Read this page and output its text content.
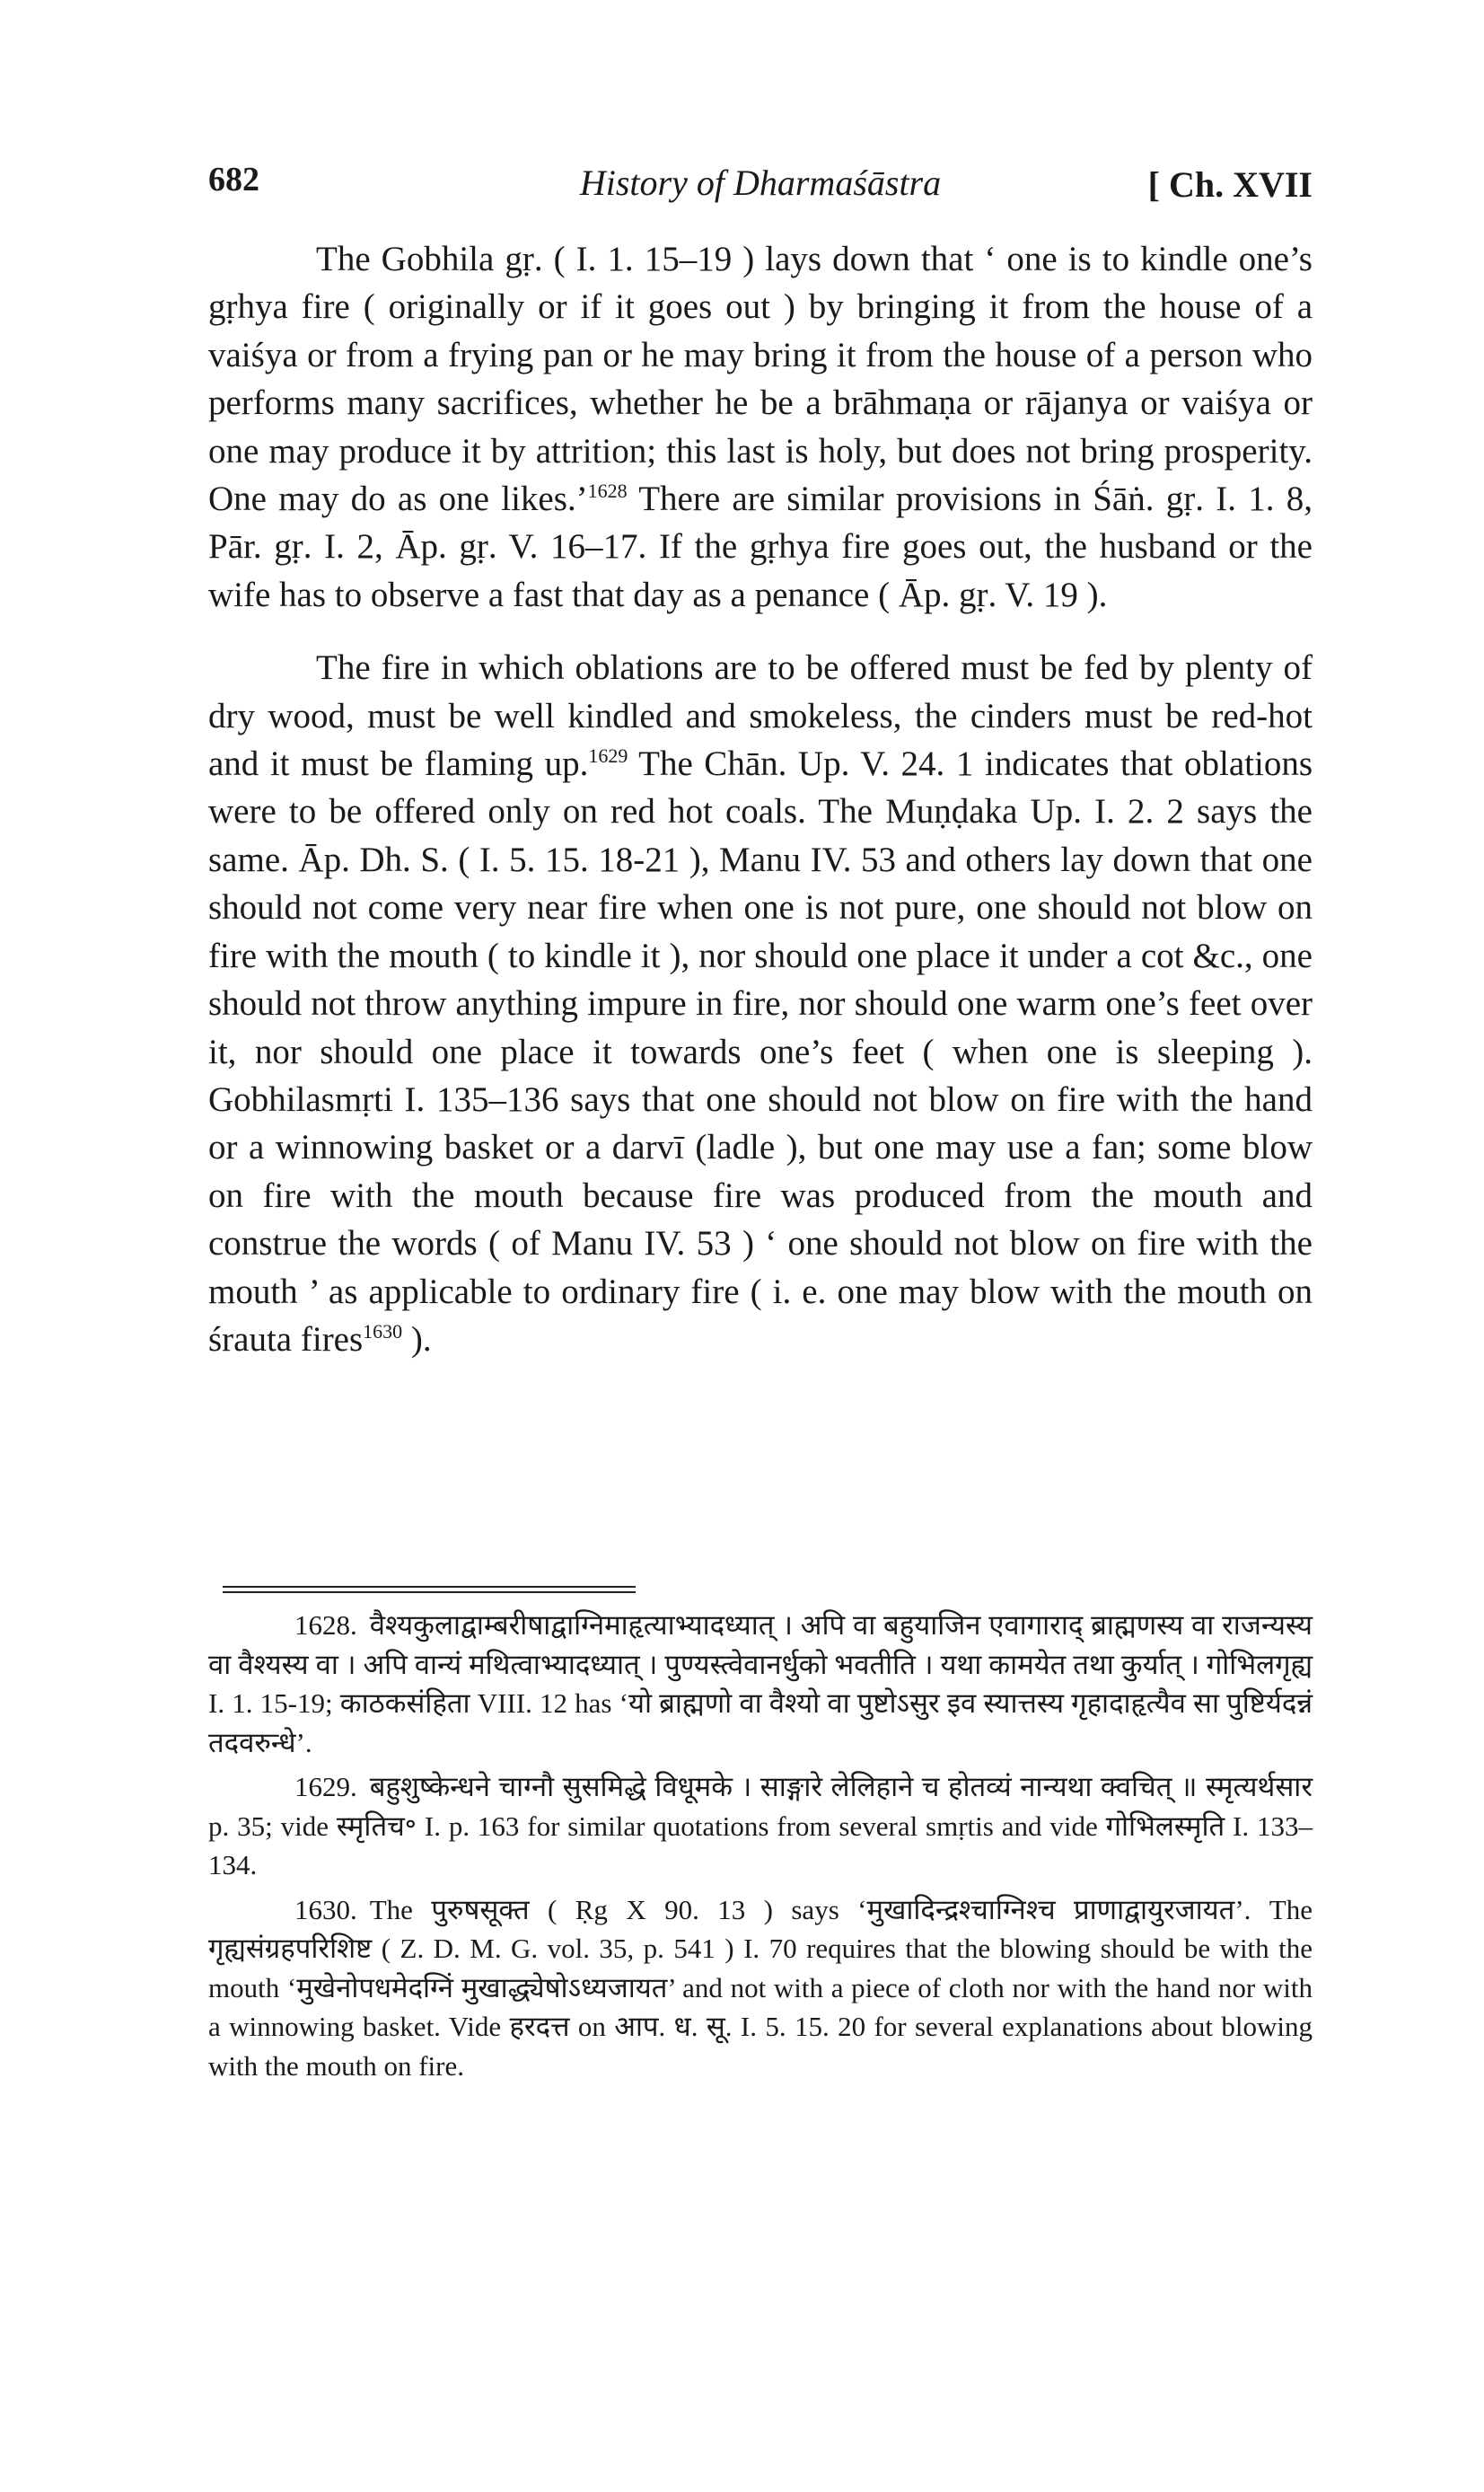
682	History of Dharmaśāstra	[ Ch. XVII

The Gobhila gṛ. ( I. 1. 15–19 ) lays down that ‘ one is to kindle one’s gṛhya fire ( originally or if it goes out ) by bringing it from the house of a vaiśya or from a frying pan or he may bring it from the house of a person who performs many sacrifices, whether he be a brāhmaṇa or rājanya or vaiśya or one may produce it by attrition; this last is holy, but does not bring prosperity. One may do as one likes.’$^{1628}$ There are similar provisions in Śāṅ. gṛ. I. 1. 8, Pār. gṛ. I. 2, Āp. gṛ. V. 16–17. If the gṛhya fire goes out, the husband or the wife has to observe a fast that day as a penance ( Āp. gṛ. V. 19 ).

The fire in which oblations are to be offered must be fed by plenty of dry wood, must be well kindled and smokeless, the cinders must be red-hot and it must be flaming up.$^{1629}$ The Chān. Up. V. 24. 1 indicates that oblations were to be offered only on red hot coals. The Muṇḍaka Up. I. 2. 2 says the same. Āp. Dh. S. ( I. 5. 15. 18-21 ), Manu IV. 53 and others lay down that one should not come very near fire when one is not pure, one should not blow on fire with the mouth ( to kindle it ), nor should one place it under a cot &c., one should not throw anything impure in fire, nor should one warm one’s feet over it, nor should one place it towards one’s feet ( when one is sleeping ). Gobhilasmṛti I. 135–136 says that one should not blow on fire with the hand or a winnowing basket or a darvī (ladle ), but one may use a fan; some blow on fire with the mouth because fire was produced from the mouth and construe the words ( of Manu IV. 53 ) ‘ one should not blow on fire with the mouth ’ as applicable to ordinary fire ( i. e. one may blow with the mouth on śrauta fires$^{1630}$ ).

1628. वैश्यकुलाद्वाम्बरीषाद्वाग्निमाहृत्याभ्यादध्यात् । अपि वा बहुयाजिन एवागाराद् ब्राह्मणस्य वा राजन्यस्य वा वैश्यस्य वा । अपि वान्यं मथित्वाभ्यादध्यात् । पुण्यस्त्वेवानर्धुको भवतीति । यथा कामयेत तथा कुर्यात् । गोभिलगृह्य I. 1. 15-19; काठकसंहिता VIII. 12 has ‘यो ब्राह्मणो वा वैश्यो वा पुष्टोऽसुर इव स्यात्तस्य गृहादाहृत्यैव सा पुष्टिर्यदन्नं तदवरुन्धे’.

1629. बहुशुष्केन्धने चाग्नौ सुसमिद्धे विधूमके । साङ्गारे लेलिहाने च होतव्यं नान्यथा क्वचित् ॥ स्मृत्यर्थसार p. 35; vide स्मृतिच॰ I. p. 163 for similar quotations from several smṛtis and vide गोभिलस्मृति I. 133–134.

1630. The पुरुषसूक्त ( Ṛg X 90. 13 ) says ‘मुखादिन्द्रश्चाग्निश्च प्राणाद्वायुरजायत’. The गृह्यसंग्रहपरिशिष्ट ( Z. D. M. G. vol. 35, p. 541 ) I. 70 requires that the blowing should be with the mouth ‘मुखेनोपधमेदग्निं मुखाद्ध्येषोऽध्यजायत’ and not with a piece of cloth nor with the hand nor with a winnowing basket. Vide हरदत्त on आप. ध. सू. I. 5. 15. 20 for several explanations about blowing with the mouth on fire.
